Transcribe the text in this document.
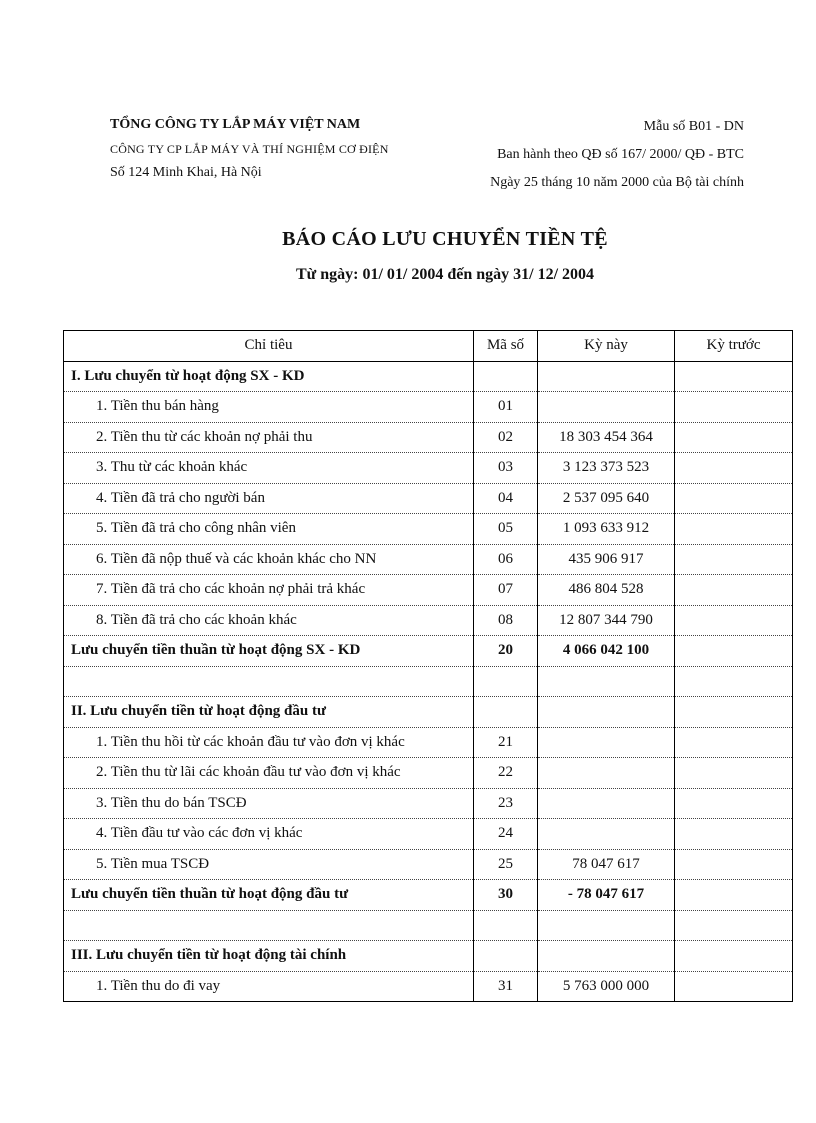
TỔNG CÔNG TY LẮP MÁY VIỆT NAM
CÔNG TY CP LẮP MÁY VÀ THÍ NGHIỆM CƠ ĐIỆN
Số 124 Minh Khai, Hà Nội
Mẫu số B01 - DN
Ban hành theo QĐ số 167/ 2000/ QĐ - BTC
Ngày 25 tháng 10 năm 2000 của Bộ tài chính
BÁO CÁO LƯU CHUYỂN TIỀN TỆ
Từ ngày: 01/ 01/ 2004 đến ngày 31/ 12/ 2004
Chỉ tiêu	Mã số	Kỳ này	Kỳ trước
I. Lưu chuyển từ hoạt động SX - KD			
1. Tiền thu bán hàng	01		
2. Tiền thu từ các khoản nợ phải thu	02	18 303 454 364	
3. Thu từ các khoản khác	03	3 123 373 523	
4. Tiền đã trả cho người bán	04	2 537 095 640	
5. Tiền đã trả cho công nhân viên	05	1 093 633 912	
6. Tiền đã nộp thuế và các khoản khác cho NN	06	435 906 917	
7. Tiền đã trả cho các khoản nợ phải trả khác	07	486 804 528	
8. Tiền đã trả cho các khoản khác	08	12 807 344 790	
Lưu chuyển tiền thuần từ hoạt động SX - KD	20	4 066 042 100	

II. Lưu chuyển tiền từ hoạt động đầu tư			
1. Tiền thu hồi từ các khoản đầu tư vào đơn vị khác	21		
2. Tiền thu từ lãi các khoản đầu tư vào đơn vị khác	22		
3. Tiền thu do bán TSCĐ	23		
4. Tiền đầu tư vào các đơn vị khác	24		
5. Tiền mua TSCĐ	25	78 047 617	
Lưu chuyển tiền thuần từ hoạt động đầu tư	30	- 78 047 617	

III. Lưu chuyển tiền từ hoạt động tài chính			
1. Tiền thu do đi vay	31	5 763 000 000	
